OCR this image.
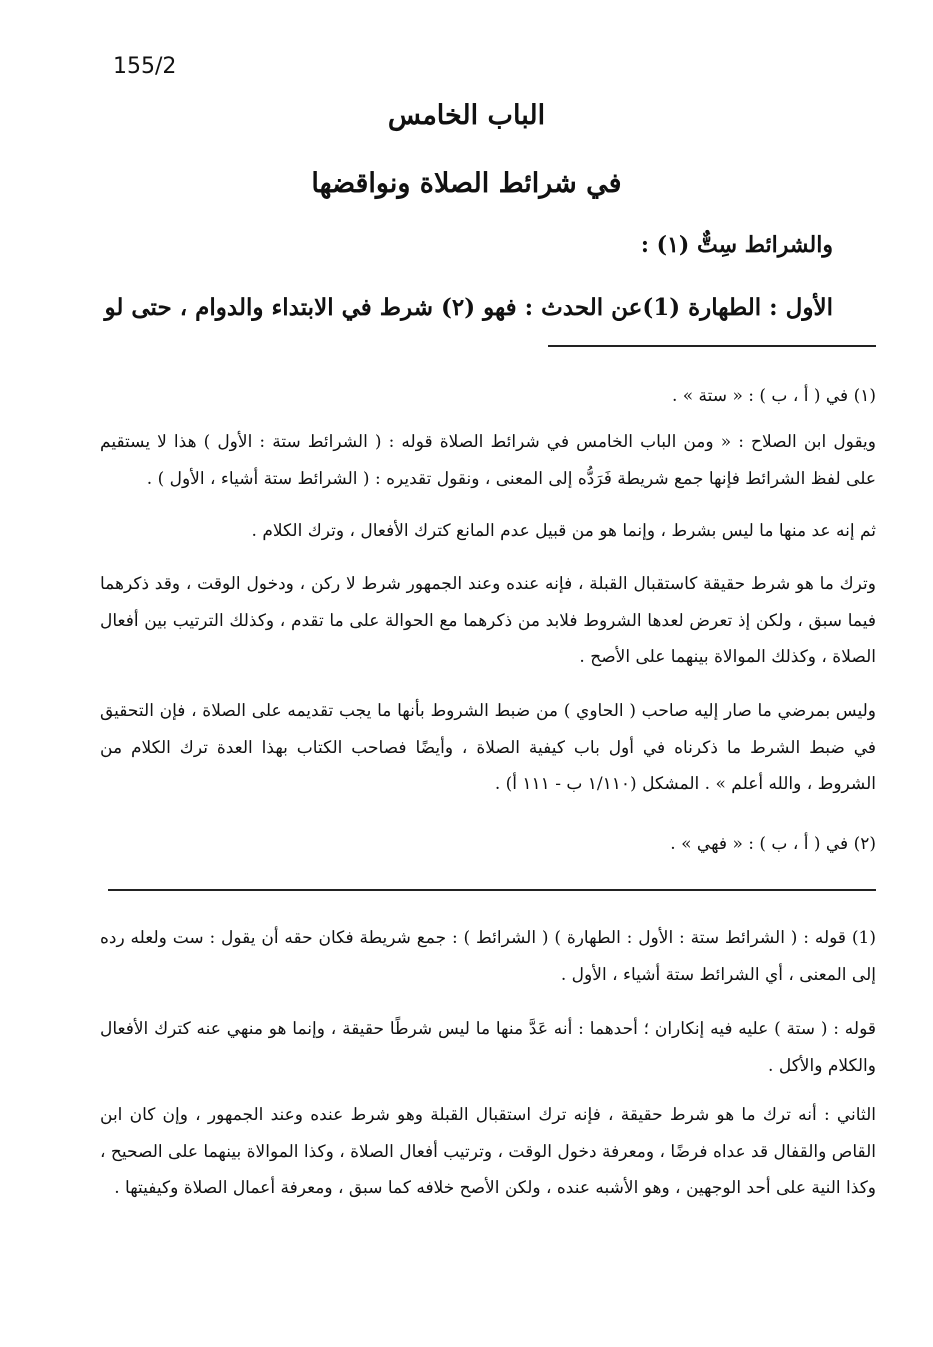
155/2
الباب الخامس
في شرائط الصلاة ونواقضها
والشرائط سِتٌّ (١) :
الأول : الطهارة (1)عن الحدث : فهو (٢) شرط في الابتداء والدوام ، حتى لو

(١) في ( أ ، ب ) : « ستة » .

ويقول ابن الصلاح : « ومن الباب الخامس في شرائط الصلاة قوله : ( الشرائط ستة : الأول ) هذا لا يستقيم على لفظ الشرائط فإنها جمع شريطة فَرَدُّه إلى المعنى ، ونقول تقديره : ( الشرائط ستة أشياء ، الأول ) .

ثم إنه عد منها ما ليس بشرط ، وإنما هو من قبيل عدم المانع كترك الأفعال ، وترك الكلام .

وترك ما هو شرط حقيقة كاستقبال القبلة ، فإنه عنده وعند الجمهور شرط لا ركن ، ودخول الوقت ، وقد ذكرهما فيما سبق ، ولكن إذ تعرض لعدها الشروط فلابد من ذكرهما مع الحوالة على ما تقدم ، وكذلك الترتيب بين أفعال الصلاة ، وكذلك الموالاة بينهما على الأصح .

وليس بمرضي ما صار إليه صاحب ( الحاوي ) من ضبط الشروط بأنها ما يجب تقديمه على الصلاة ، فإن التحقيق في ضبط الشرط ما ذكرناه في أول باب كيفية الصلاة ، وأيضًا فصاحب الكتاب بهذا العدة ترك الكلام من الشروط ، والله أعلم » . المشكل (١/١١٠ ب - ١١١ أ) .

(٢) في ( أ ، ب ) : « فهي » .

(1) قوله : ( الشرائط ستة : الأول : الطهارة ) ( الشرائط ) : جمع شريطة فكان حقه أن يقول : ست ولعله رده إلى المعنى ، أي الشرائط ستة أشياء ، الأول .

قوله : ( ستة ) عليه فيه إنكاران ؛ أحدهما : أنه عَدَّ منها ما ليس شرطًا حقيقة ، وإنما هو منهي عنه كترك الأفعال والكلام والأكل .

الثاني : أنه ترك ما هو شرط حقيقة ، فإنه ترك استقبال القبلة وهو شرط عنده وعند الجمهور ، وإن كان ابن القاص والقفال قد عداه فرضًا ، ومعرفة دخول الوقت ، وترتيب أفعال الصلاة ، وكذا الموالاة بينهما على الصحيح ، وكذا النية على أحد الوجهين ، وهو الأشبه عنده ، ولكن الأصح خلافه كما سبق ، ومعرفة أعمال الصلاة وكيفيتها .
